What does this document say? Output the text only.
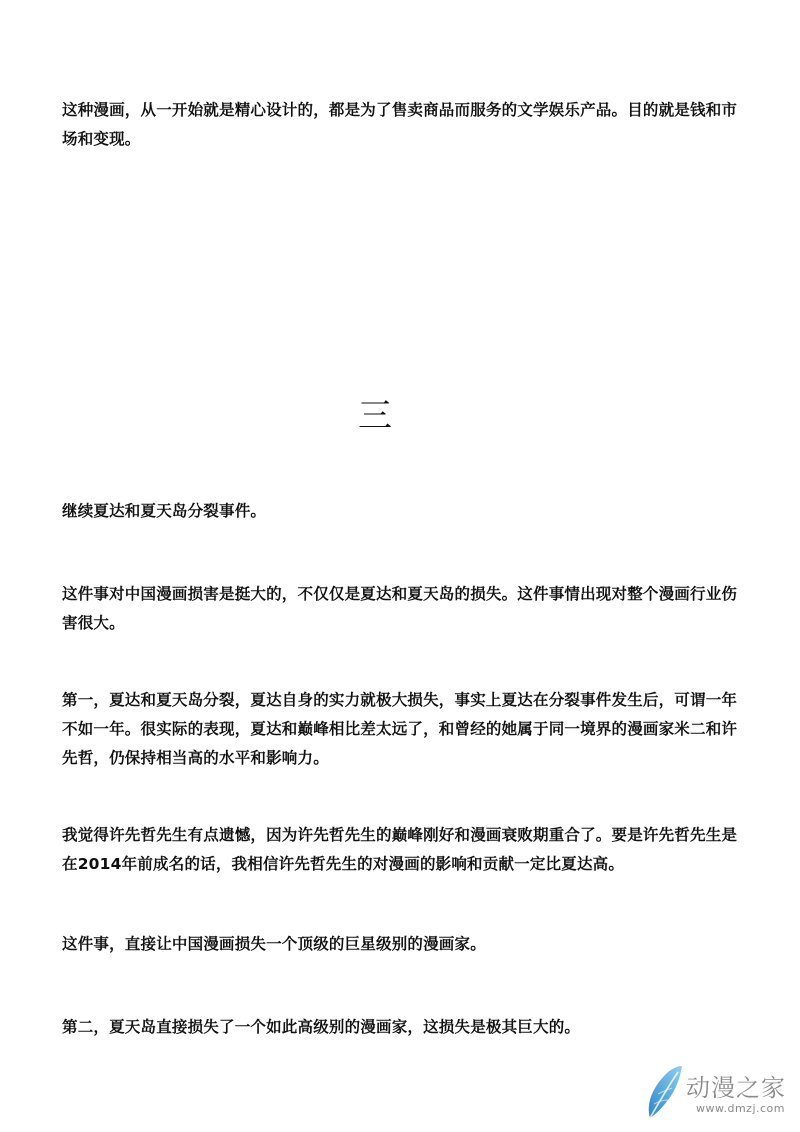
这种漫画，从一开始就是精心设计的，都是为了售卖商品而服务的文学娱乐产品。目的就是钱和市场和变现。

三

继续夏达和夏天岛分裂事件。

这件事对中国漫画损害是挺大的，不仅仅是夏达和夏天岛的损失。这件事情出现对整个漫画行业伤害很大。

第一，夏达和夏天岛分裂，夏达自身的实力就极大损失，事实上夏达在分裂事件发生后，可谓一年不如一年。很实际的表现，夏达和巅峰相比差太远了，和曾经的她属于同一境界的漫画家米二和许先哲，仍保持相当高的水平和影响力。

我觉得许先哲先生有点遗憾，因为许先哲先生的巅峰刚好和漫画衰败期重合了。要是许先哲先生是在2014年前成名的话，我相信许先哲先生的对漫画的影响和贡献一定比夏达高。

这件事，直接让中国漫画损失一个顶级的巨星级别的漫画家。

第二，夏天岛直接损失了一个如此高级别的漫画家，这损失是极其巨大的。

动漫之家
www.dmzj.com
